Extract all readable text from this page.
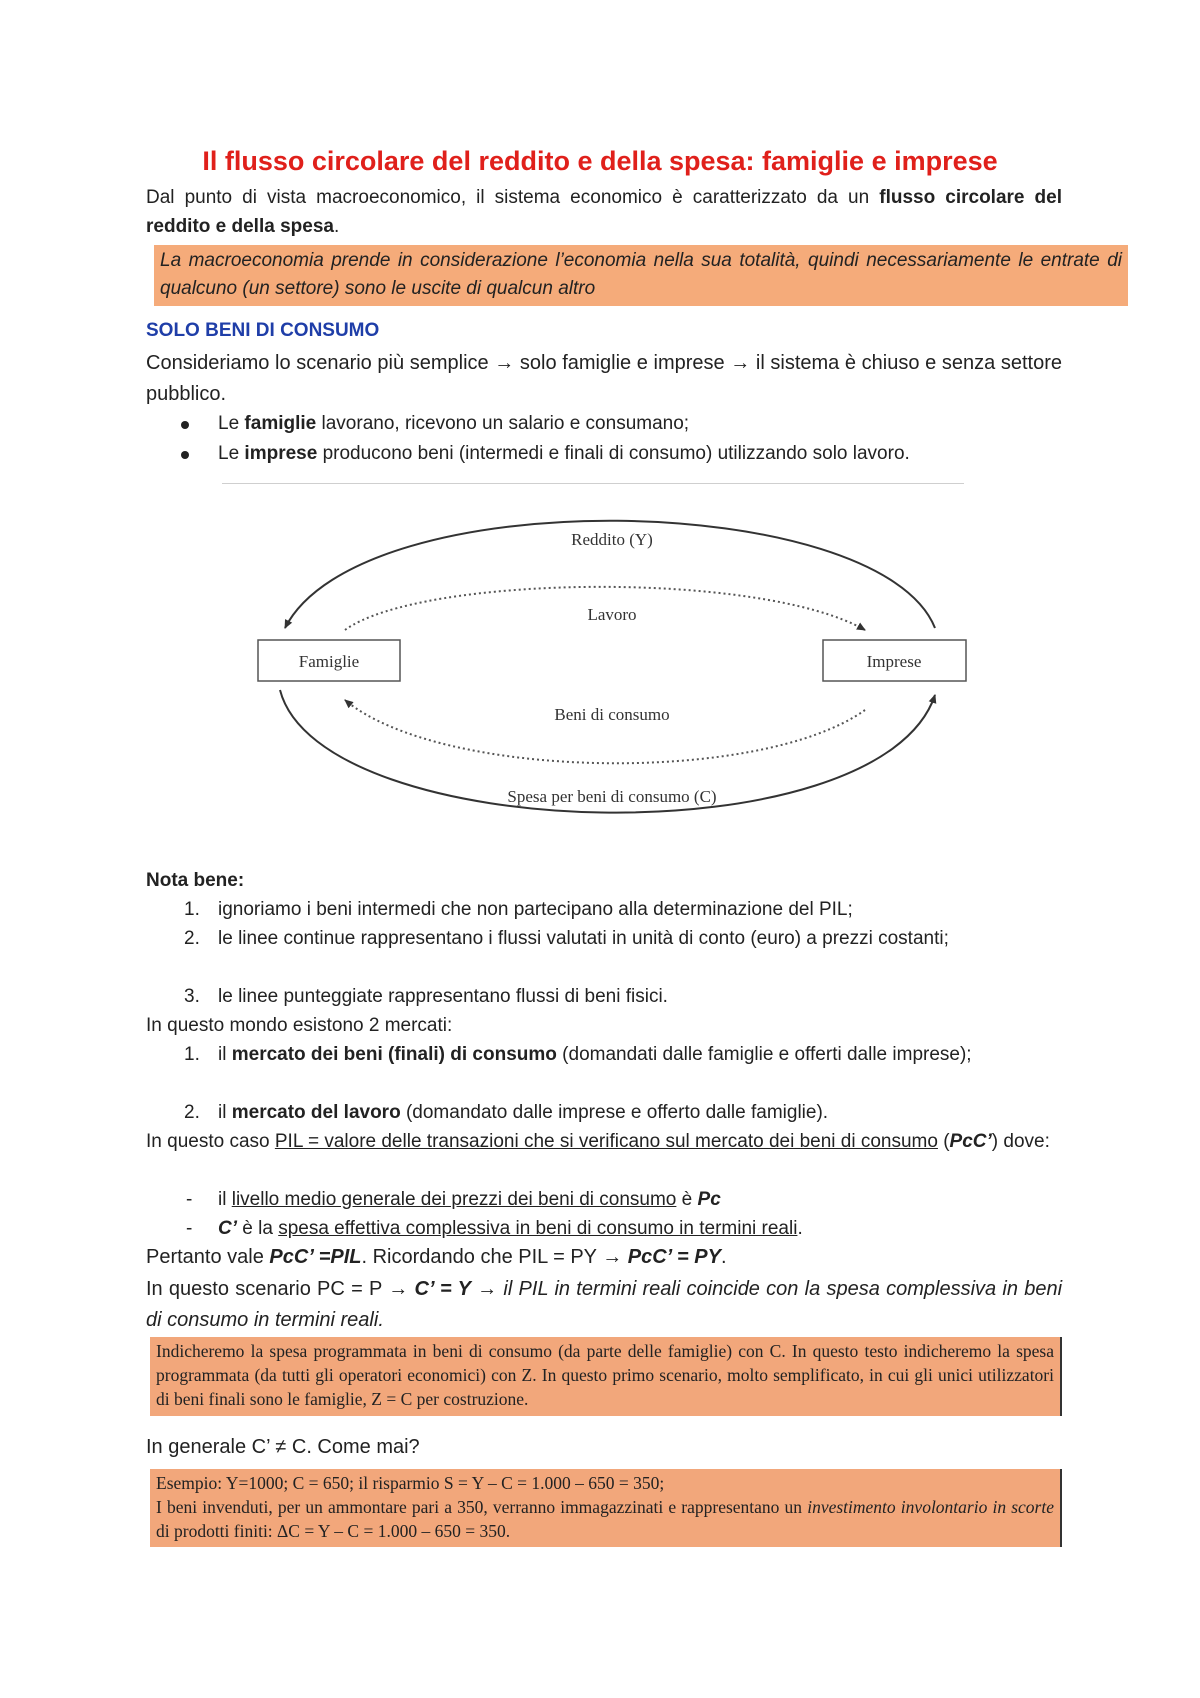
Il flusso circolare del reddito e della spesa: famiglie e imprese
Dal punto di vista macroeconomico, il sistema economico è caratterizzato da un flusso circolare del reddito e della spesa.
La macroeconomia prende in considerazione l’economia nella sua totalità, quindi necessariamente le entrate di qualcuno (un settore) sono le uscite di qualcun altro
SOLO BENI DI CONSUMO
Consideriamo lo scenario più semplice → solo famiglie e imprese → il sistema è chiuso e senza settore pubblico.
Le famiglie lavorano, ricevono un salario e consumano;
Le imprese producono beni (intermedi e finali di consumo) utilizzando solo lavoro.
Famiglie	Imprese
Reddito (Y)
Lavoro
Beni di consumo
Spesa per beni di consumo (C)
Nota bene:
1. ignoriamo i beni intermedi che non partecipano alla determinazione del PIL;
2. le linee continue rappresentano i flussi valutati in unità di conto (euro) a prezzi costanti;
3. le linee punteggiate rappresentano flussi di beni fisici.
In questo mondo esistono 2 mercati:
1. il mercato dei beni (finali) di consumo (domandati dalle famiglie e offerti dalle imprese);
2. il mercato del lavoro (domandato dalle imprese e offerto dalle famiglie).
In questo caso PIL = valore delle transazioni che si verificano sul mercato dei beni di consumo (PcC’) dove:
- il livello medio generale dei prezzi dei beni di consumo è Pc
- C’ è la spesa effettiva complessiva in beni di consumo in termini reali.
Pertanto vale PcC’ =PIL. Ricordando che PIL = PY → PcC’ = PY.
In questo scenario PC = P → C’ = Y → il PIL in termini reali coincide con la spesa complessiva in beni di consumo in termini reali.
Indicheremo la spesa programmata in beni di consumo (da parte delle famiglie) con C. In questo testo indicheremo la spesa programmata (da tutti gli operatori economici) con Z. In questo primo scenario, molto semplificato, in cui gli unici utilizzatori di beni finali sono le famiglie, Z = C per costruzione.
In generale C’ ≠ C. Come mai?
Esempio: Y=1000; C = 650; il risparmio S = Y – C = 1.000 – 650 = 350;
I beni invenduti, per un ammontare pari a 350, verranno immagazzinati e rappresentano un investimento involontario in scorte di prodotti finiti: ΔC = Y – C = 1.000 – 650 = 350.
